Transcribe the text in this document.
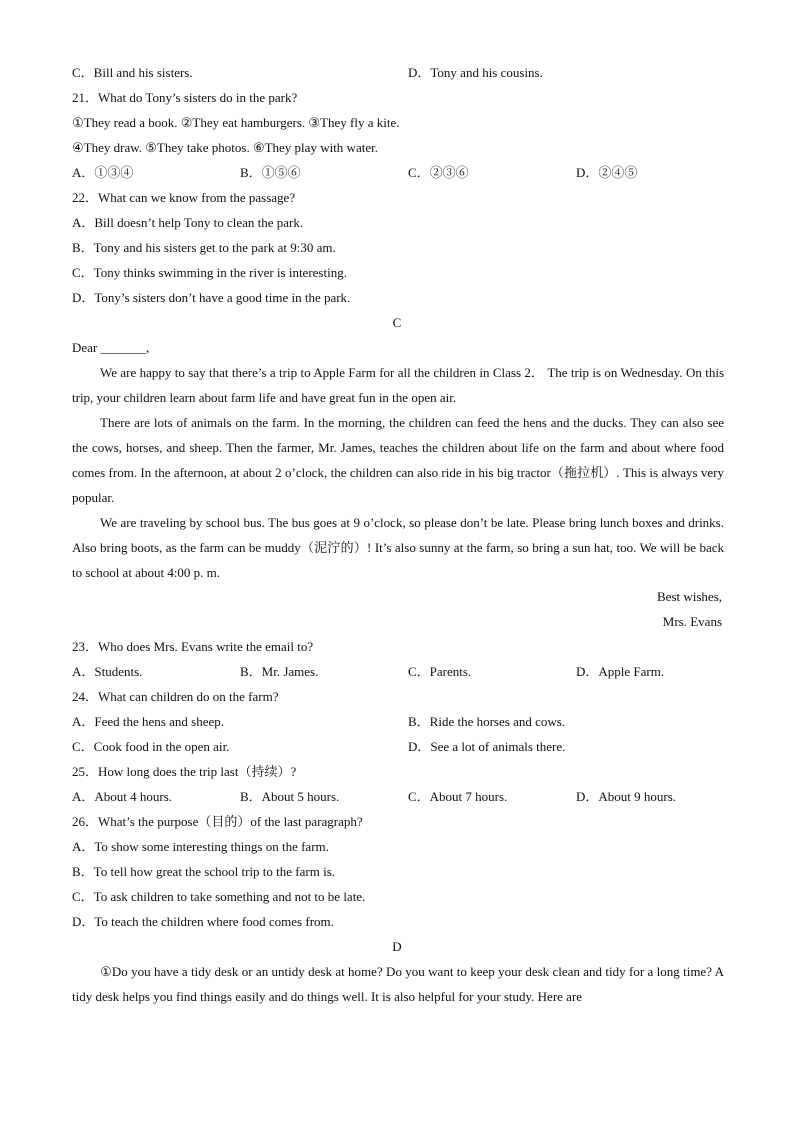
C．Bill and his sisters.	D．Tony and his cousins.
21．What do Tony’s sisters do in the park?
①They read a book. ②They eat hamburgers. ③They fly a kite.
④They draw. ⑤They take photos. ⑥They play with water.
A．①③④	B．①⑤⑥	C．②③⑥	D．②④⑤
22．What can we know from the passage?
A．Bill doesn’t help Tony to clean the park.
B．Tony and his sisters get to the park at 9:30 am.
C．Tony thinks swimming in the river is interesting.
D．Tony’s sisters don’t have a good time in the park.
C
Dear _______,
We are happy to say that there’s a trip to Apple Farm for all the children in Class 2． The trip is on Wednesday. On this trip, your children learn about farm life and have great fun in the open air.
There are lots of animals on the farm. In the morning, the children can feed the hens and the ducks. They can also see the cows, horses, and sheep. Then the farmer, Mr. James, teaches the children about life on the farm and about where food comes from. In the afternoon, at about 2 o’clock, the children can also ride in his big tractor（拖拉机）. This is always very popular.
We are traveling by school bus. The bus goes at 9 o’clock, so please don’t be late. Please bring lunch boxes and drinks. Also bring boots, as the farm can be muddy（泥泞的）! It’s also sunny at the farm, so bring a sun hat, too. We will be back to school at about 4:00 p. m.
Best wishes,
Mrs. Evans
23．Who does Mrs. Evans write the email to?
A．Students.	B．Mr. James.	C．Parents.	D．Apple Farm.
24．What can children do on the farm?
A．Feed the hens and sheep.	B．Ride the horses and cows.
C．Cook food in the open air.	D．See a lot of animals there.
25．How long does the trip last（持续）?
A．About 4 hours.	B．About 5 hours.	C．About 7 hours.	D．About 9 hours.
26．What’s the purpose（目的）of the last paragraph?
A．To show some interesting things on the farm.
B．To tell how great the school trip to the farm is.
C．To ask children to take something and not to be late.
D．To teach the children where food comes from.
D
①Do you have a tidy desk or an untidy desk at home? Do you want to keep your desk clean and tidy for a long time? A tidy desk helps you find things easily and do things well. It is also helpful for your study. Here are
